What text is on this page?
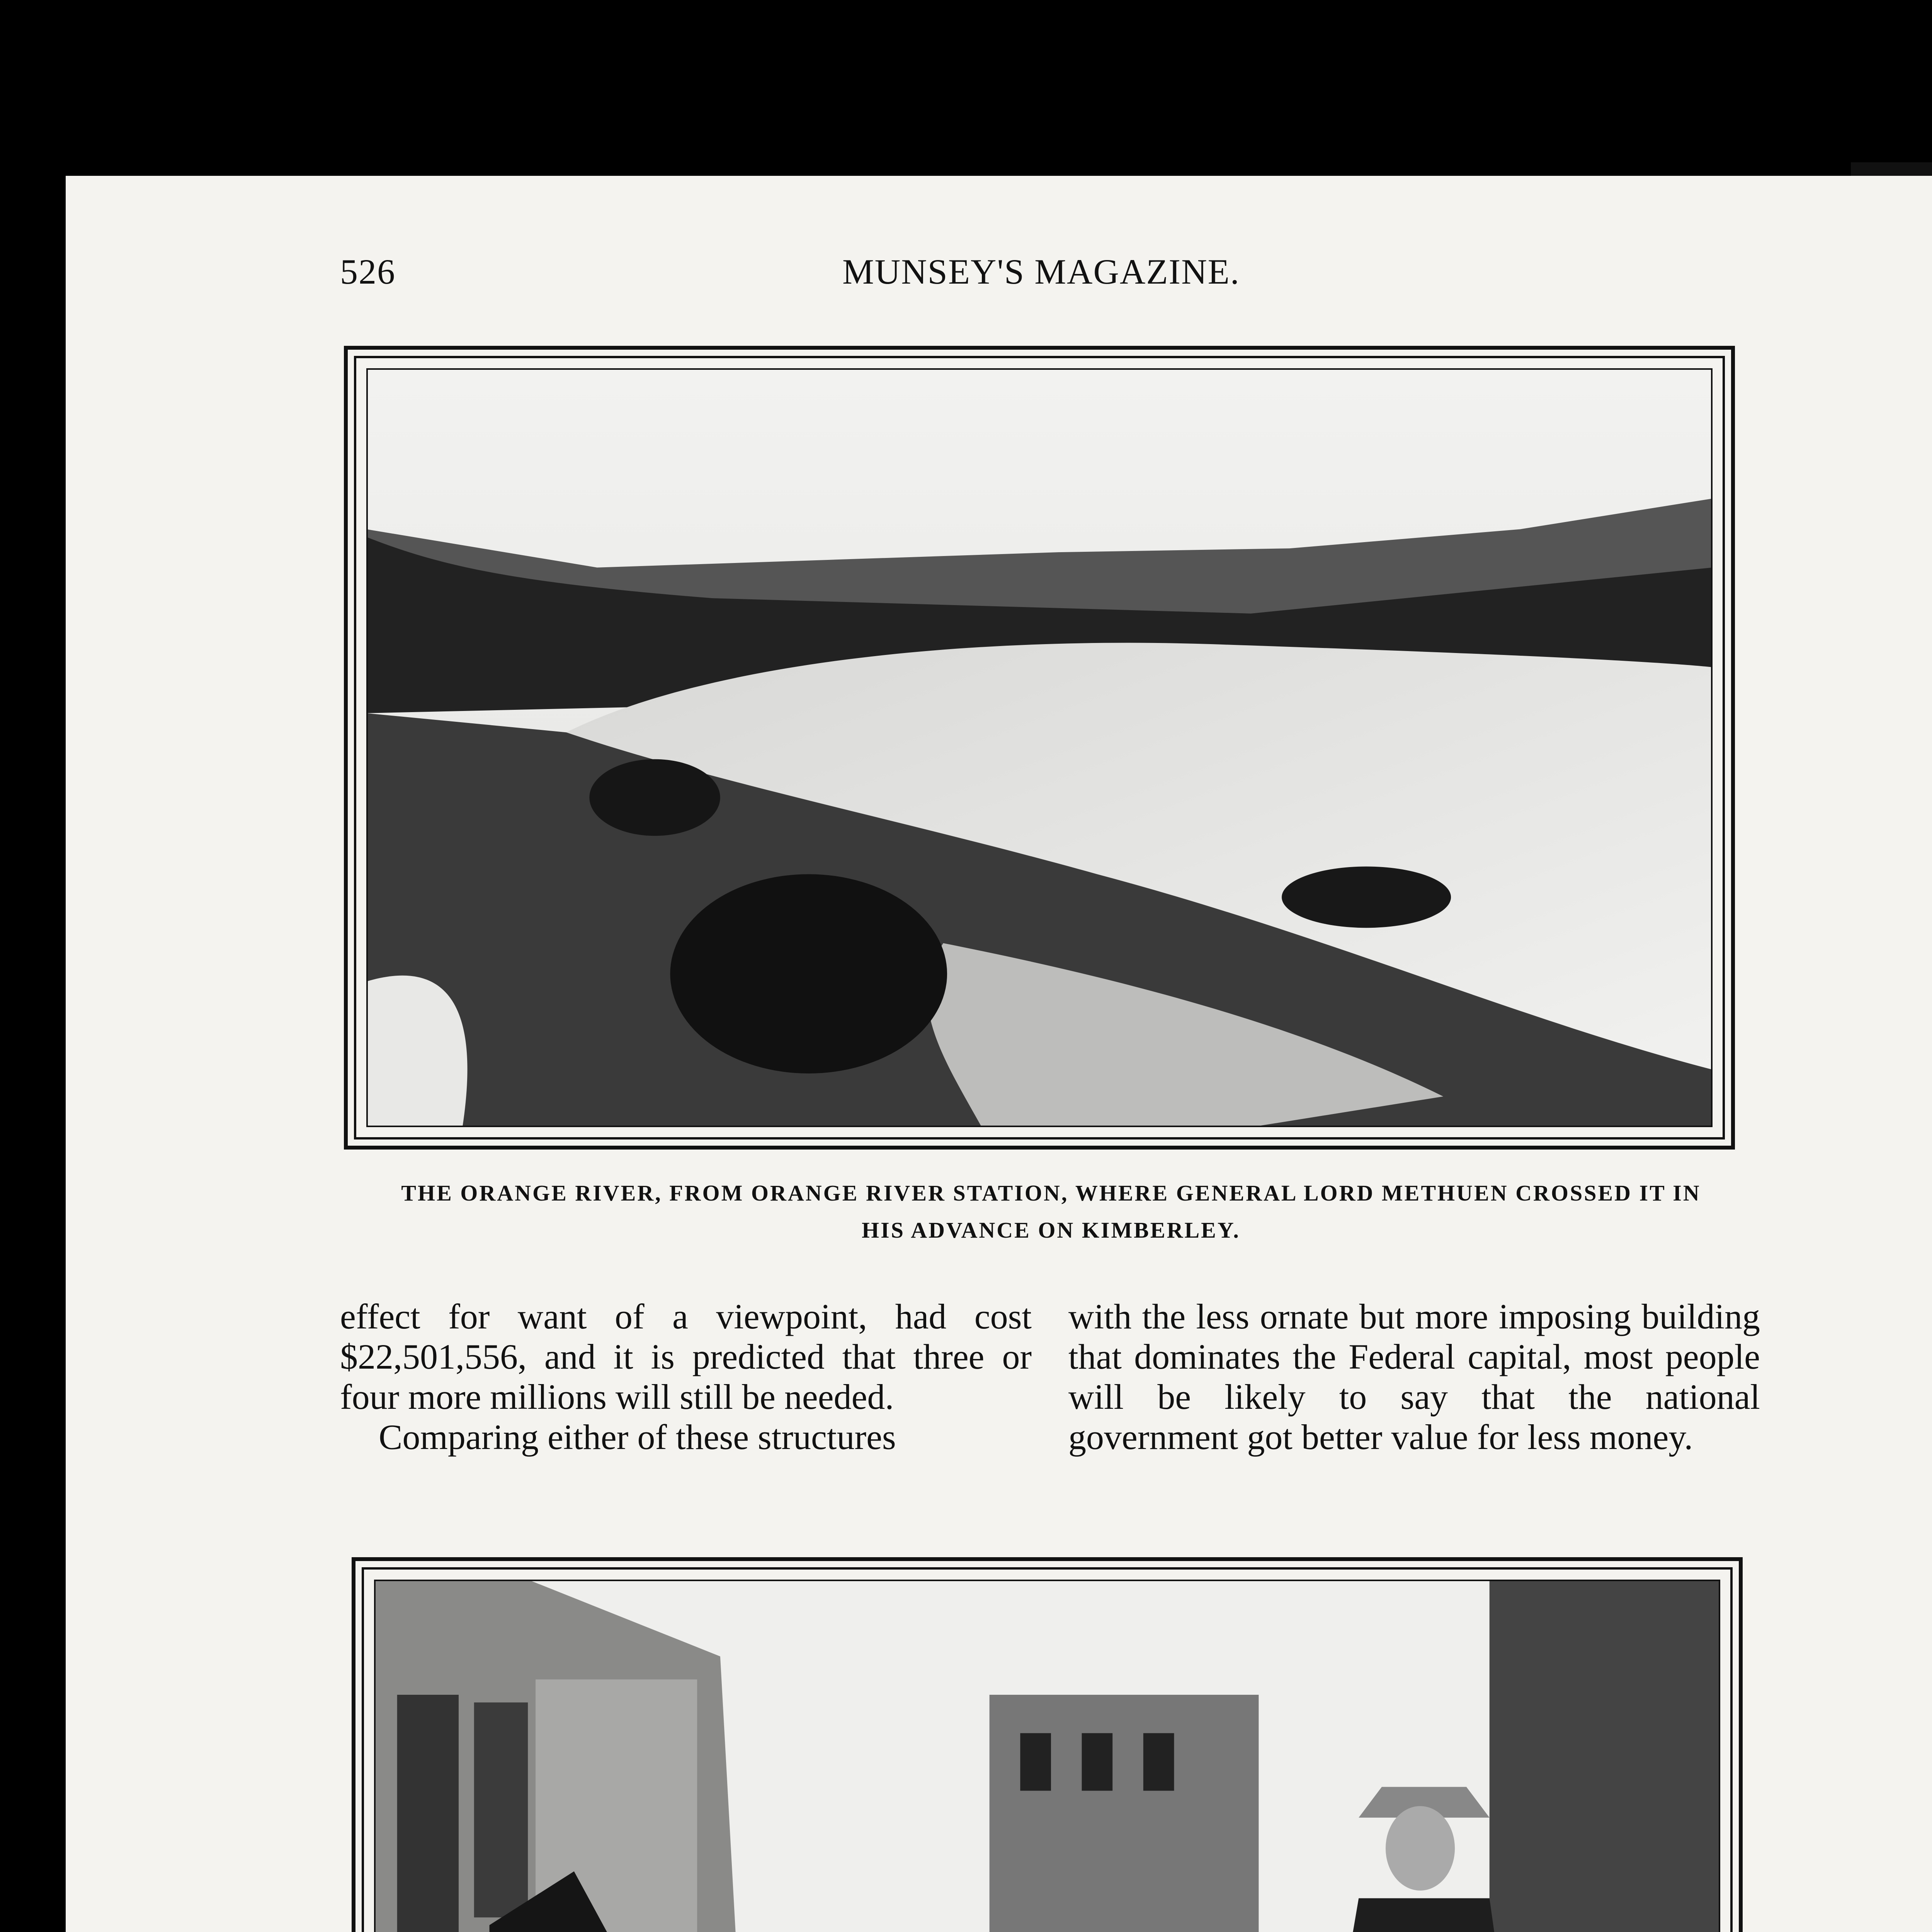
526	MUNSEY'S MAGAZINE.
THE ORANGE RIVER, FROM ORANGE RIVER STATION, WHERE GENERAL LORD METHUEN CROSSED IT IN
HIS ADVANCE ON KIMBERLEY.

effect for want of a viewpoint, had cost $22,501,556, and it is predicted that three or four more millions will still be needed.

Comparing either of these structures

with the less ornate but more imposing building that dominates the Federal capital, most people will be likely to say that the national government got better value for less money.
